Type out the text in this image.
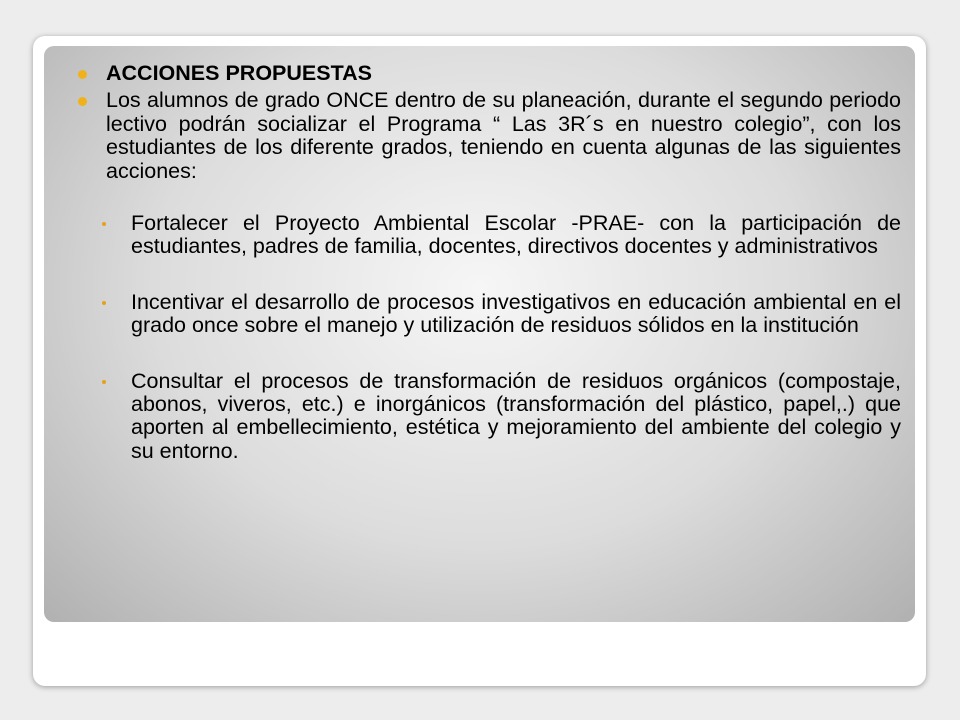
ACCIONES PROPUESTAS
Los alumnos de grado ONCE dentro de su planeación, durante el segundo periodo lectivo podrán socializar el Programa “ Las 3R´s en nuestro colegio”, con los estudiantes de los diferente grados, teniendo en cuenta algunas de las siguientes acciones:
Fortalecer el Proyecto Ambiental Escolar -PRAE- con la participación de estudiantes, padres de familia, docentes, directivos docentes y administrativos
Incentivar el desarrollo de procesos investigativos en educación ambiental en el grado once sobre el manejo y utilización de residuos sólidos en la institución
Consultar el procesos de transformación de residuos orgánicos (compostaje, abonos, viveros, etc.) e inorgánicos (transformación del plástico, papel,.) que aporten al embellecimiento, estética y mejoramiento del ambiente del colegio y su entorno.
